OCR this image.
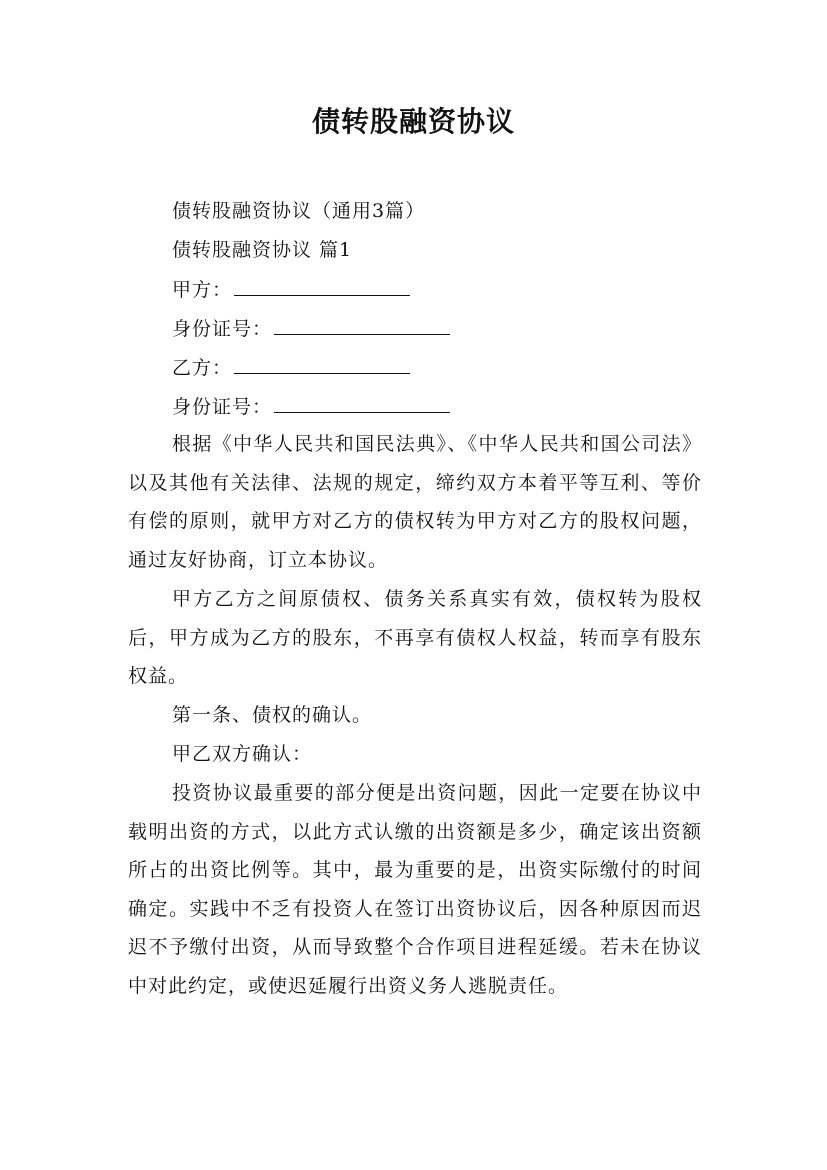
债转股融资协议
债转股融资协议（通用3篇）
债转股融资协议 篇1
甲方：
身份证号：
乙方：
身份证号：
根据《中华人民共和国民法典》、《中华人民共和国公司法》以及其他有关法律、法规的规定，缔约双方本着平等互利、等价有偿的原则，就甲方对乙方的债权转为甲方对乙方的股权问题，通过友好协商，订立本协议。
甲方乙方之间原债权、债务关系真实有效，债权转为股权后，甲方成为乙方的股东，不再享有债权人权益，转而享有股东权益。
第一条、债权的确认。
甲乙双方确认：
投资协议最重要的部分便是出资问题，因此一定要在协议中载明出资的方式，以此方式认缴的出资额是多少，确定该出资额所占的出资比例等。其中，最为重要的是，出资实际缴付的时间确定。实践中不乏有投资人在签订出资协议后，因各种原因而迟迟不予缴付出资，从而导致整个合作项目进程延缓。若未在协议中对此约定，或使迟延履行出资义务人逃脱责任。
